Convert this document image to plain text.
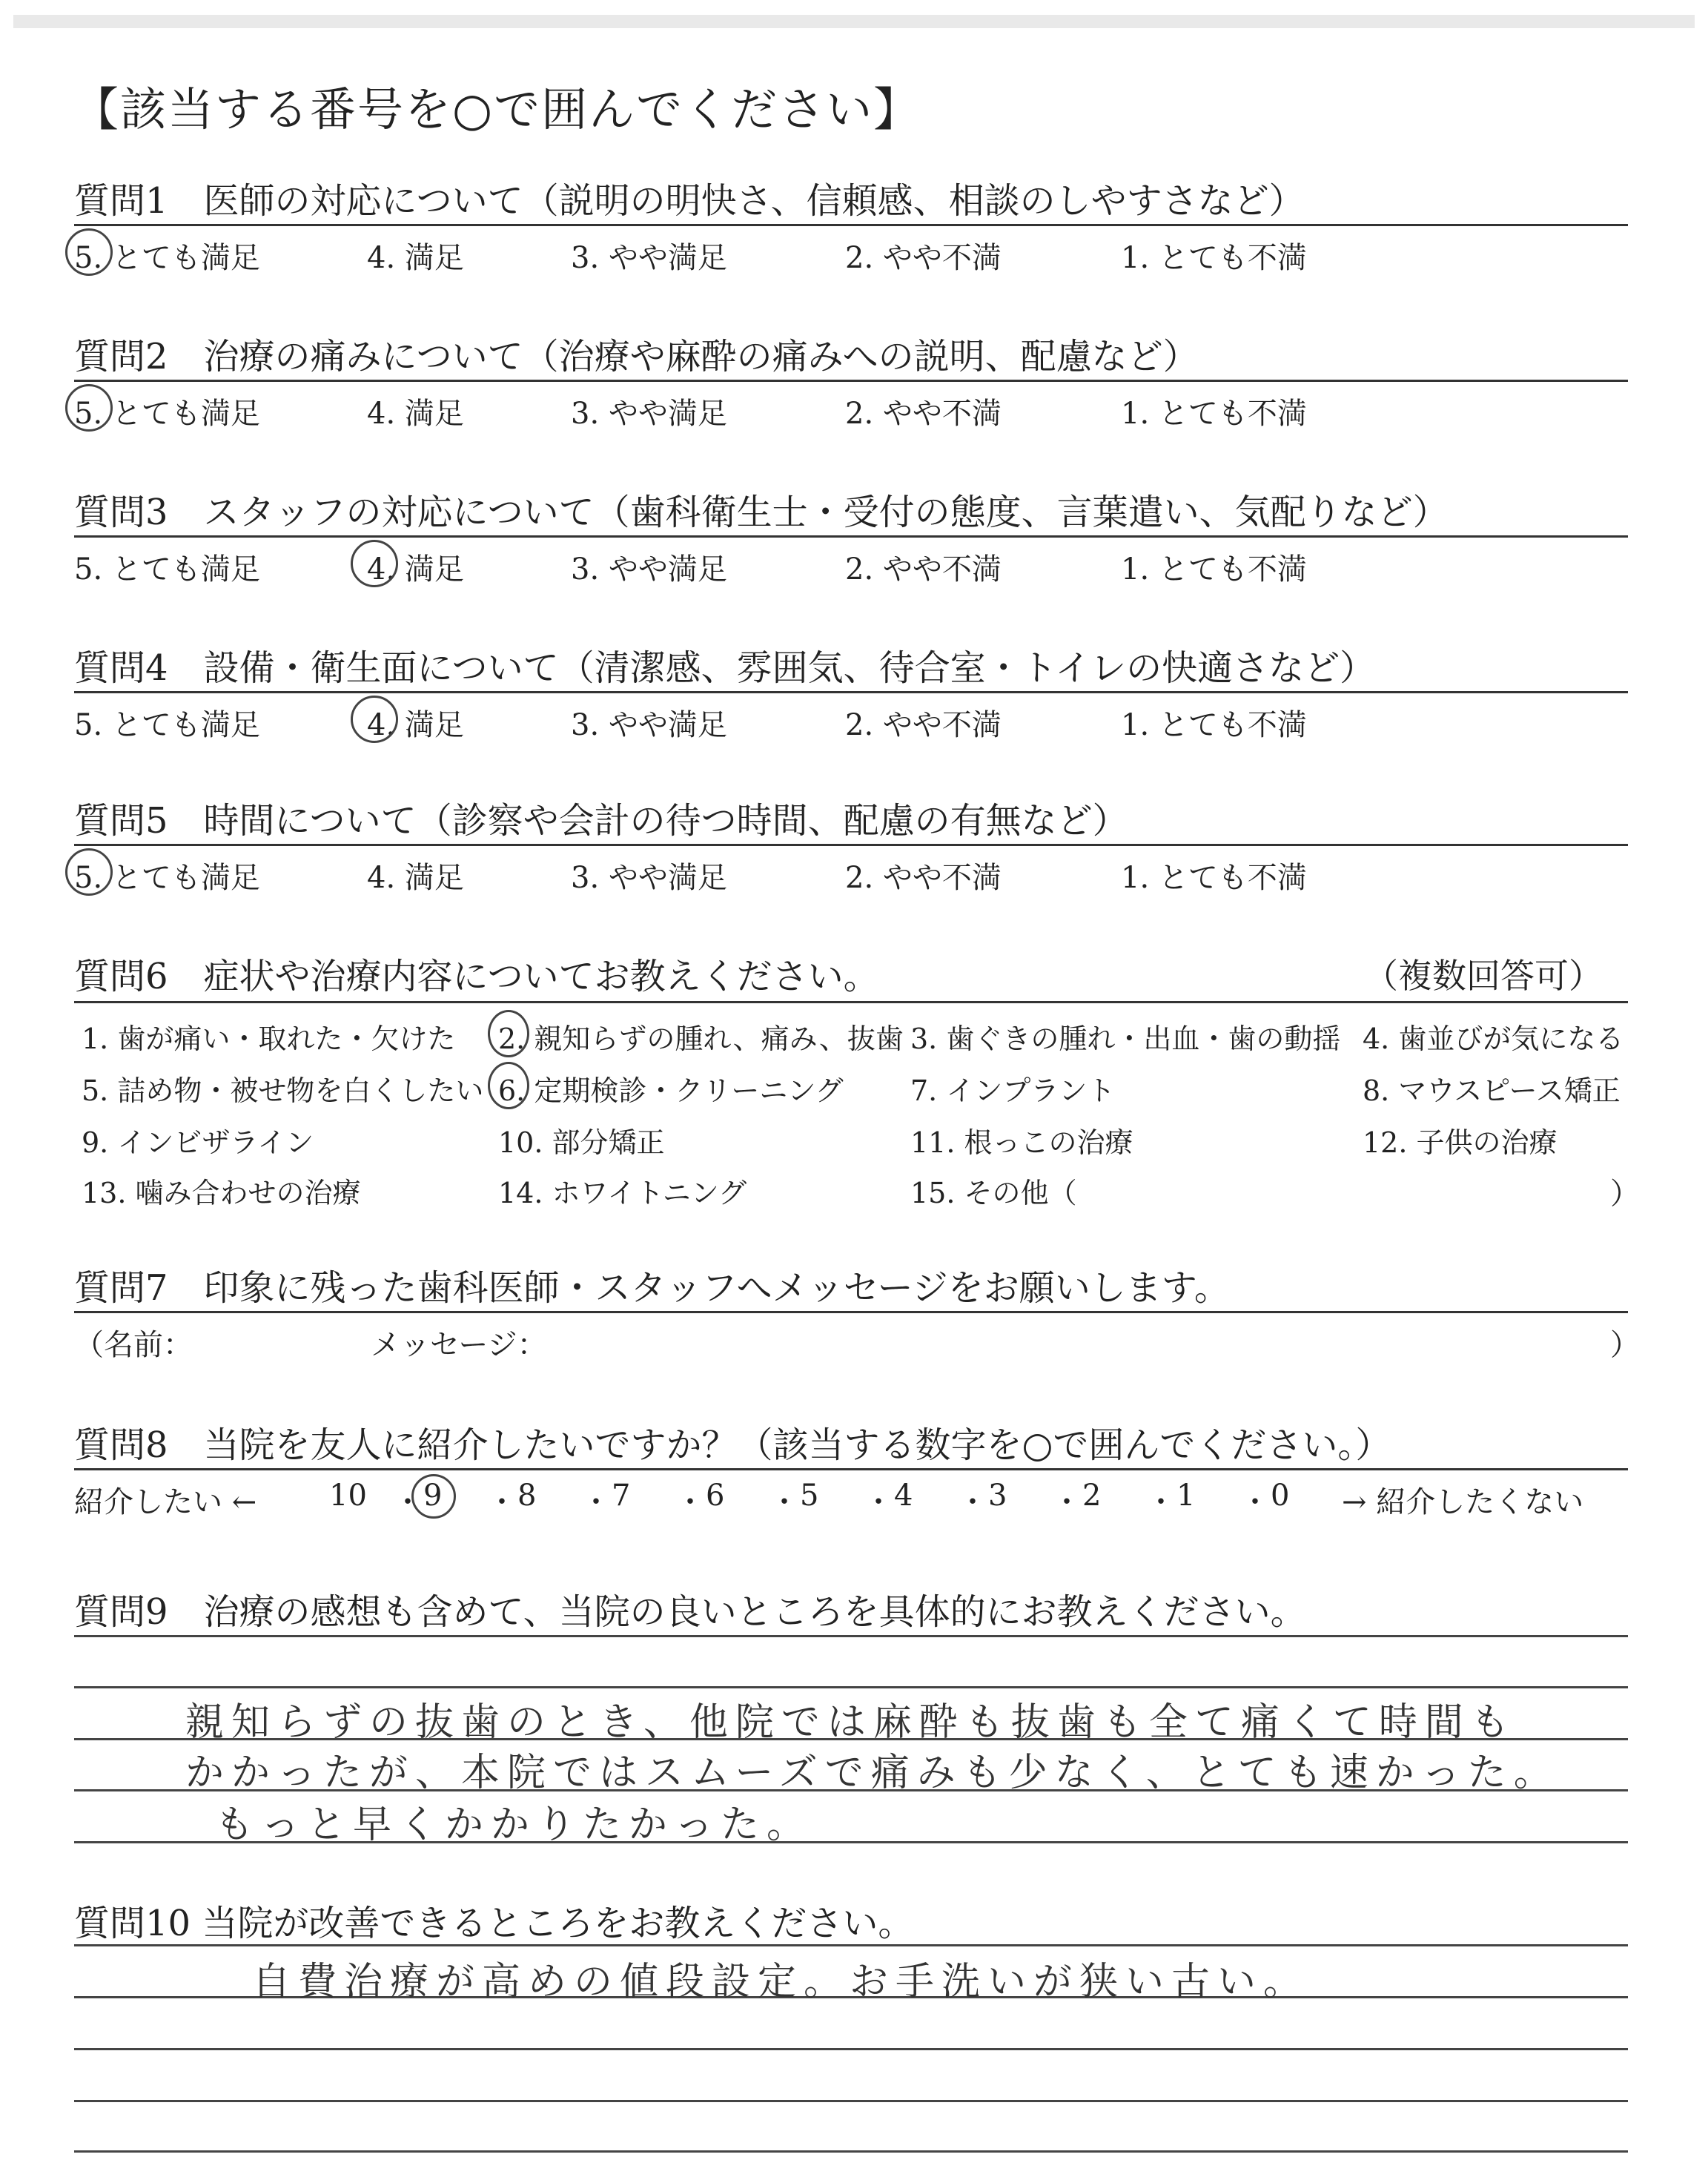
【該当する番号を○で囲んでください】
質問1　医師の対応について（説明の明快さ、信頼感、相談のしやすさなど）
5. とても満足	4. 満足	3. やや満足	2. やや不満	1. とても不満
質問2　治療の痛みについて（治療や麻酔の痛みへの説明、配慮など）
5. とても満足	4. 満足	3. やや満足	2. やや不満	1. とても不満
質問3　スタッフの対応について（歯科衛生士・受付の態度、言葉遣い、気配りなど）
5. とても満足	4. 満足	3. やや満足	2. やや不満	1. とても不満
質問4　設備・衛生面について（清潔感、雰囲気、待合室・トイレの快適さなど）
5. とても満足	4. 満足	3. やや満足	2. やや不満	1. とても不満
質問5　時間について（診察や会計の待つ時間、配慮の有無など）
5. とても満足	4. 満足	3. やや満足	2. やや不満	1. とても不満
質問6　症状や治療内容についてお教えください。	（複数回答可）
1. 歯が痛い・取れた・欠けた 2. 親知らずの腫れ、痛み、抜歯 3. 歯ぐきの腫れ・出血・歯の動揺 4. 歯並びが気になる
5. 詰め物・被せ物を白くしたい 6. 定期検診・クリーニング 7. インプラント	8. マウスピース矯正
9. インビザライン	10. 部分矯正	11. 根っこの治療	12. 子供の治療
13. 噛み合わせの治療	14. ホワイトニング	15. その他（	）
質問7　印象に残った歯科医師・スタッフへメッセージをお願いします。
（名前：	メッセージ：	）
質問8　当院を友人に紹介したいですか？（該当する数字を○で囲んでください。）
紹介したい ←	→ 紹介したくない
10 ・ 9 ・ 8 ・ 7 ・ 6 ・ 5 ・ 4 ・ 3 ・ 2 ・ 1 ・ 0
質問9　治療の感想も含めて、当院の良いところを具体的にお教えください。
親知らずの抜歯のとき、他院では麻酔も抜歯も全て痛くて時間も
かかったが、本院ではスムーズで痛みも少なく、とても速かった。
もっと早くかかりたかった。
質問10 当院が改善できるところをお教えください。
自費治療が高めの値段設定。お手洗いが狭い古い。
